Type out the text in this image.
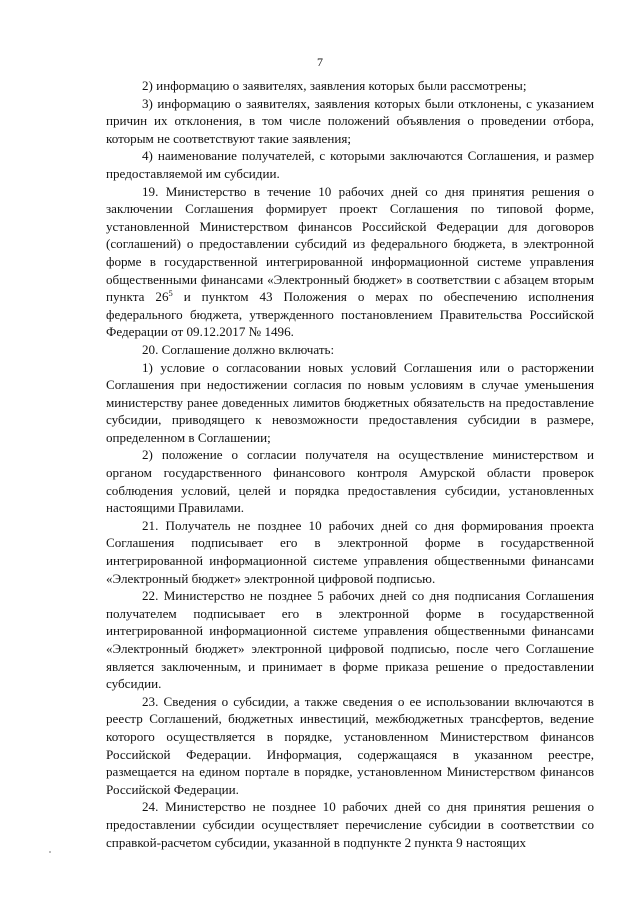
7

2) информацию о заявителях, заявления которых были рассмотрены;

3) информацию о заявителях, заявления которых были отклонены, с указанием причин их отклонения, в том числе положений объявления о проведении отбора, которым не соответствуют такие заявления;

4) наименование получателей, с которыми заключаются Соглашения, и размер предоставляемой им субсидии.

19. Министерство в течение 10 рабочих дней со дня принятия решения о заключении Соглашения формирует проект Соглашения по типовой форме, установленной Министерством финансов Российской Федерации для договоров (соглашений) о предоставлении субсидий из федерального бюджета, в электронной форме в государственной интегрированной информационной системе управления общественными финансами «Электронный бюджет» в соответствии с абзацем вторым пункта $26^5$ и пунктом 43 Положения о мерах по обеспечению исполнения федерального бюджета, утвержденного постановлением Правительства Российской Федерации от 09.12.2017 № 1496.

20. Соглашение должно включать:

1) условие о согласовании новых условий Соглашения или о расторжении Соглашения при недостижении согласия по новым условиям в случае уменьшения министерству ранее доведенных лимитов бюджетных обязательств на предоставление субсидии, приводящего к невозможности предоставления субсидии в размере, определенном в Соглашении;

2) положение о согласии получателя на осуществление министерством и органом государственного финансового контроля Амурской области проверок соблюдения условий, целей и порядка предоставления субсидии, установленных настоящими Правилами.

21. Получатель не позднее 10 рабочих дней со дня формирования проекта Соглашения подписывает его в электронной форме в государственной интегрированной информационной системе управления общественными финансами «Электронный бюджет» электронной цифровой подписью.

22. Министерство не позднее 5 рабочих дней со дня подписания Соглашения получателем подписывает его в электронной форме в государственной интегрированной информационной системе управления общественными финансами «Электронный бюджет» электронной цифровой подписью, после чего Соглашение является заключенным, и принимает в форме приказа решение о предоставлении субсидии.

23. Сведения о субсидии, а также сведения о ее использовании включаются в реестр Соглашений, бюджетных инвестиций, межбюджетных трансфертов, ведение которого осуществляется в порядке, установленном Министерством финансов Российской Федерации. Информация, содержащаяся в указанном реестре, размещается на едином портале в порядке, установленном Министерством финансов Российской Федерации.

24. Министерство не позднее 10 рабочих дней со дня принятия решения о предоставлении субсидии осуществляет перечисление субсидии в соответствии со справкой-расчетом субсидии, указанной в подпункте 2 пункта 9 настоящих
